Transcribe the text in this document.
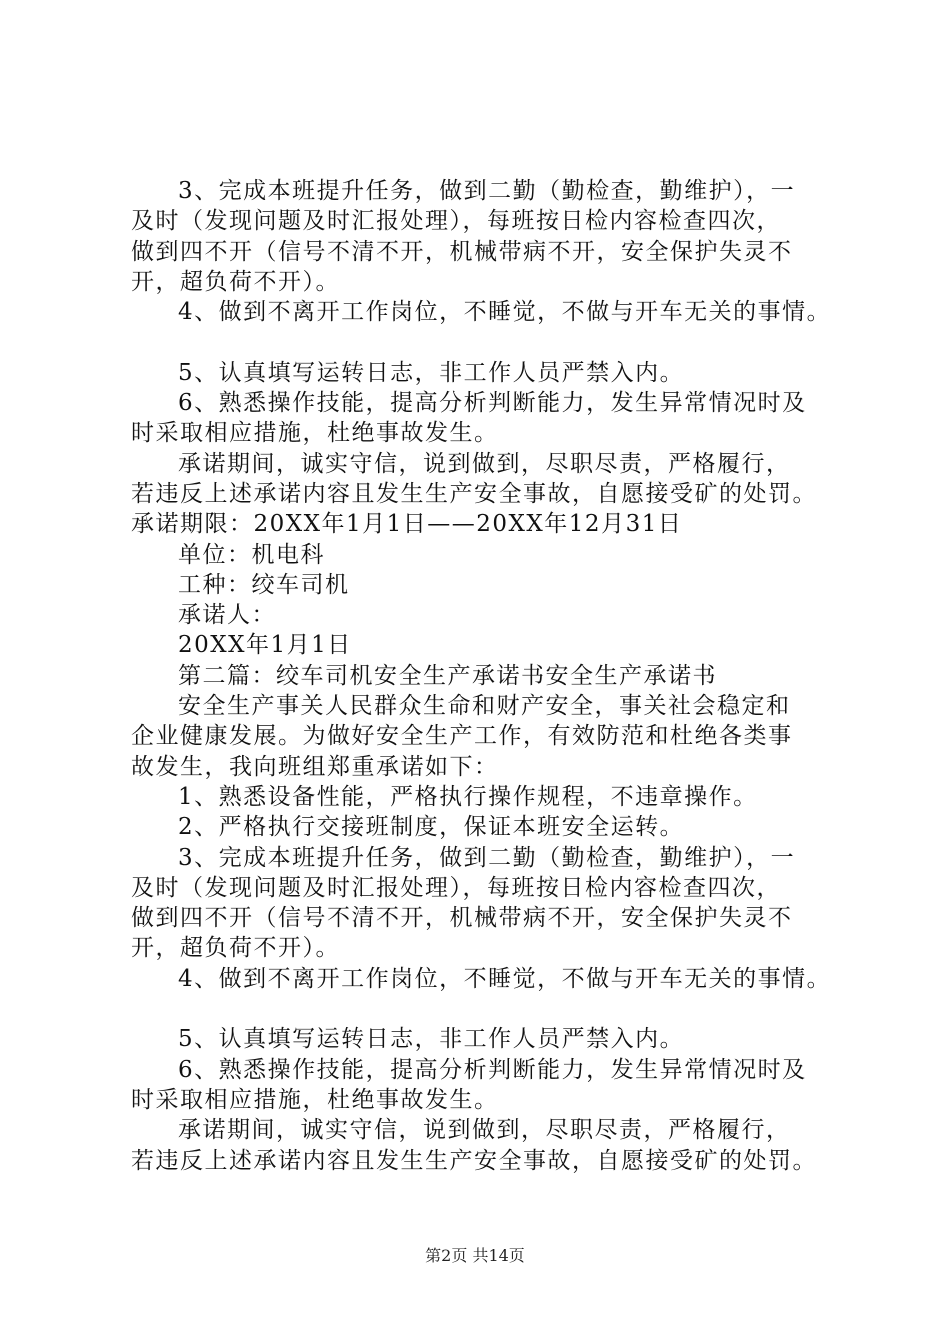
3、完成本班提升任务，做到二勤（勤检查，勤维护），一
及时（发现问题及时汇报处理），每班按日检内容检查四次，
做到四不开（信号不清不开，机械带病不开，安全保护失灵不
开，超负荷不开）。
4、做到不离开工作岗位，不睡觉，不做与开车无关的事情。
5、认真填写运转日志，非工作人员严禁入内。
6、熟悉操作技能，提高分析判断能力，发生异常情况时及
时采取相应措施，杜绝事故发生。
承诺期间，诚实守信，说到做到，尽职尽责，严格履行，
若违反上述承诺内容且发生生产安全事故，自愿接受矿的处罚。
承诺期限：20XX年1月1日——20XX年12月31日
单位：机电科
工种：绞车司机
承诺人：
20XX年1月1日
第二篇：绞车司机安全生产承诺书安全生产承诺书
安全生产事关人民群众生命和财产安全，事关社会稳定和
企业健康发展。为做好安全生产工作，有效防范和杜绝各类事
故发生，我向班组郑重承诺如下：
1、熟悉设备性能，严格执行操作规程，不违章操作。
2、严格执行交接班制度，保证本班安全运转。
3、完成本班提升任务，做到二勤（勤检查，勤维护），一
及时（发现问题及时汇报处理），每班按日检内容检查四次，
做到四不开（信号不清不开，机械带病不开，安全保护失灵不
开，超负荷不开）。
4、做到不离开工作岗位，不睡觉，不做与开车无关的事情。
5、认真填写运转日志，非工作人员严禁入内。
6、熟悉操作技能，提高分析判断能力，发生异常情况时及
时采取相应措施，杜绝事故发生。
承诺期间，诚实守信，说到做到，尽职尽责，严格履行，
若违反上述承诺内容且发生生产安全事故，自愿接受矿的处罚。
第2页 共14页
